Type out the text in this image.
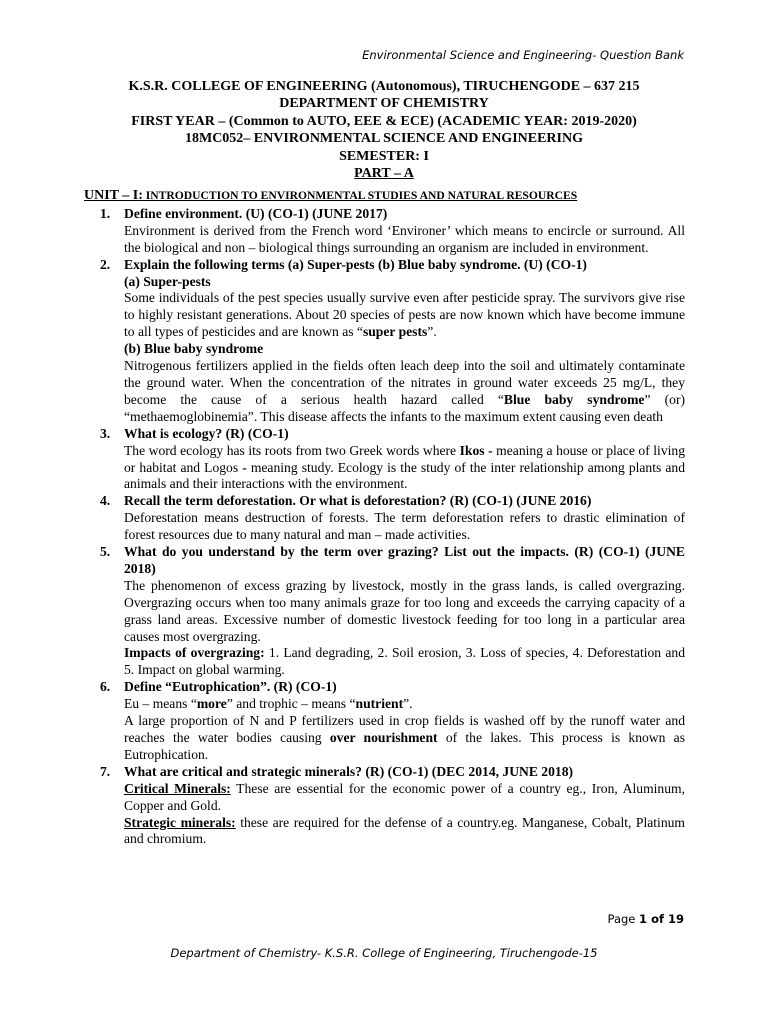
Environmental Science and Engineering- Question Bank
K.S.R. COLLEGE OF ENGINEERING (Autonomous), TIRUCHENGODE – 637 215
DEPARTMENT OF CHEMISTRY
FIRST YEAR – (Common to AUTO, EEE & ECE) (ACADEMIC YEAR: 2019-2020)
18MC052– ENVIRONMENTAL SCIENCE AND ENGINEERING
SEMESTER: I
PART – A
UNIT – I: INTRODUCTION TO ENVIRONMENTAL STUDIES AND NATURAL RESOURCES
1. Define environment. (U) (CO-1) (JUNE 2017)
Environment is derived from the French word ‘Environer’ which means to encircle or surround. All the biological and non – biological things surrounding an organism are included in environment.
2. Explain the following terms (a) Super-pests (b) Blue baby syndrome. (U) (CO-1)
(a) Super-pests
Some individuals of the pest species usually survive even after pesticide spray. The survivors give rise to highly resistant generations. About 20 species of pests are now known which have become immune to all types of pesticides and are known as “super pests”.
(b) Blue baby syndrome
Nitrogenous fertilizers applied in the fields often leach deep into the soil and ultimately contaminate the ground water. When the concentration of the nitrates in ground water exceeds 25 mg/L, they become the cause of a serious health hazard called “Blue baby syndrome” (or) “methaemoglobinemia”. This disease affects the infants to the maximum extent causing even death
3. What is ecology? (R) (CO-1)
The word ecology has its roots from two Greek words where Ikos - meaning a house or place of living or habitat and Logos - meaning study. Ecology is the study of the inter relationship among plants and animals and their interactions with the environment.
4. Recall the term deforestation. Or what is deforestation? (R) (CO-1) (JUNE 2016)
Deforestation means destruction of forests. The term deforestation refers to drastic elimination of forest resources due to many natural and man – made activities.
5. What do you understand by the term over grazing? List out the impacts. (R) (CO-1) (JUNE 2018)
The phenomenon of excess grazing by livestock, mostly in the grass lands, is called overgrazing. Overgrazing occurs when too many animals graze for too long and exceeds the carrying capacity of a grass land areas. Excessive number of domestic livestock feeding for too long in a particular area causes most overgrazing.
Impacts of overgrazing: 1. Land degrading, 2. Soil erosion, 3. Loss of species, 4. Deforestation and 5. Impact on global warming.
6. Define “Eutrophication”. (R) (CO-1)
Eu – means “more” and trophic – means “nutrient”.
A large proportion of N and P fertilizers used in crop fields is washed off by the runoff water and reaches the water bodies causing over nourishment of the lakes. This process is known as Eutrophication.
7. What are critical and strategic minerals? (R) (CO-1) (DEC 2014, JUNE 2018)
Critical Minerals: These are essential for the economic power of a country eg., Iron, Aluminum, Copper and Gold.
Strategic minerals: these are required for the defense of a country.eg. Manganese, Cobalt, Platinum and chromium.
Page 1 of 19
Department of Chemistry- K.S.R. College of Engineering, Tiruchengode-15
